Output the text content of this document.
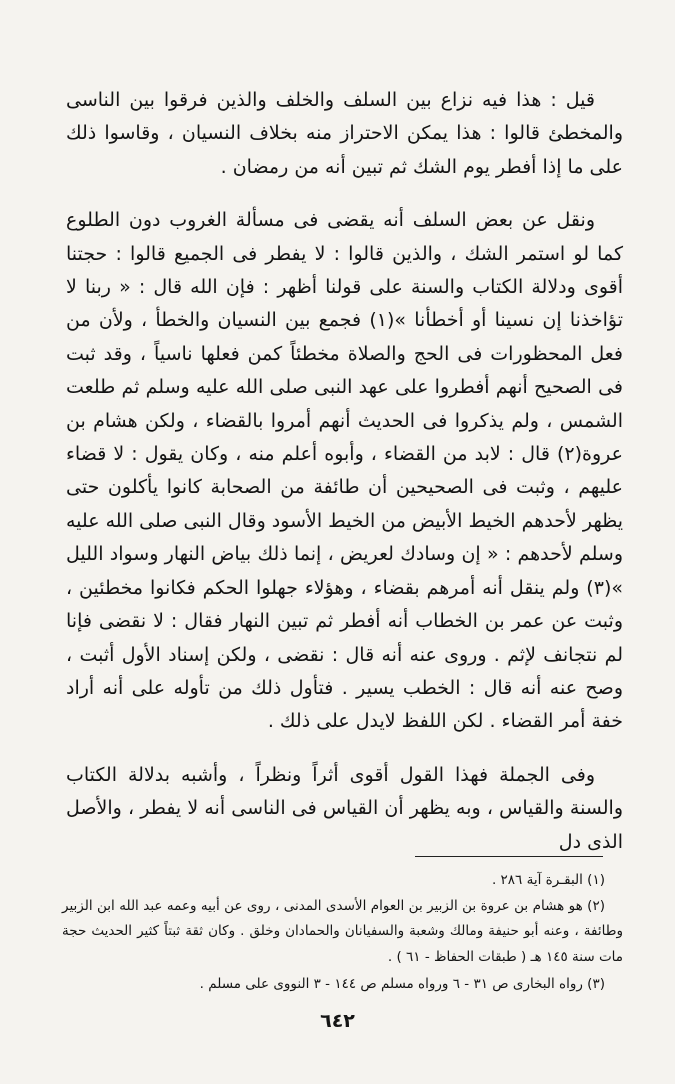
قيل : هذا فيه نزاع بين السلف والخلف والذين فرقوا بين الناسى والمخطئ قالوا : هذا يمكن الاحتراز منه بخلاف النسيان ، وقاسوا ذلك على ما إذا أفطر يوم الشك ثم تبين أنه من رمضان .

ونقل عن بعض السلف أنه يقضى فى مسألة الغروب دون الطلوع كما لو استمر الشك ، والذين قالوا : لا يفطر فى الجميع قالوا : حجتنا أقوى ودلالة الكتاب والسنة على قولنا أظهر : فإن الله قال : « ربنا لا تؤاخذنا إن نسينا أو أخطأنا »(١) فجمع بين النسيان والخطأ ، ولأن من فعل المحظورات فى الحج والصلاة مخطئاً كمن فعلها ناسياً ، وقد ثبت فى الصحيح أنهم أفطروا على عهد النبى صلى الله عليه وسلم ثم طلعت الشمس ، ولم يذكروا فى الحديث أنهم أمروا بالقضاء ، ولكن هشام بن عروة(٢) قال : لابد من القضاء ، وأبوه أعلم منه ، وكان يقول : لا قضاء عليهم ، وثبت فى الصحيحين أن طائفة من الصحابة كانوا يأكلون حتى يظهر لأحدهم الخيط الأبيض من الخيط الأسود وقال النبى صلى الله عليه وسلم لأحدهم : « إن وسادك لعريض ، إنما ذلك بياض النهار وسواد الليل »(٣) ولم ينقل أنه أمرهم بقضاء ، وهؤلاء جهلوا الحكم فكانوا مخطئين ، وثبت عن عمر بن الخطاب أنه أفطر ثم تبين النهار فقال : لا نقضى فإنا لم نتجانف لإثم . وروى عنه أنه قال : نقضى ، ولكن إسناد الأول أثبت ، وصح عنه أنه قال : الخطب يسير . فتأول ذلك من تأوله على أنه أراد خفة أمر القضاء . لكن اللفظ لايدل على ذلك .

وفى الجملة فهذا القول أقوى أثراً ونظراً ، وأشبه بدلالة الكتاب والسنة والقياس ، وبه يظهر أن القياس فى الناسى أنه لا يفطر ، والأصل الذى دل

(١) البقـرة آية ٢٨٦ .

(٢) هو هشام بن عروة بن الزبير بن العوام الأسدى المدنى ، روى عن أبيه وعمه عبد الله ابن الزبير وطائفة ، وعنه أبو حنيفة ومالك وشعبة والسفيانان والحمادان وخلق . وكان ثقة ثبتاً كثير الحديث حجة مات سنة ١٤٥ هـ ( طبقات الحفاظ - ٦١ ) .

(٣) رواه البخارى ص ٣١ - ٦ ورواه مسلم ص ١٤٤ - ٣ النووى على مسلم .

٦٤٢
